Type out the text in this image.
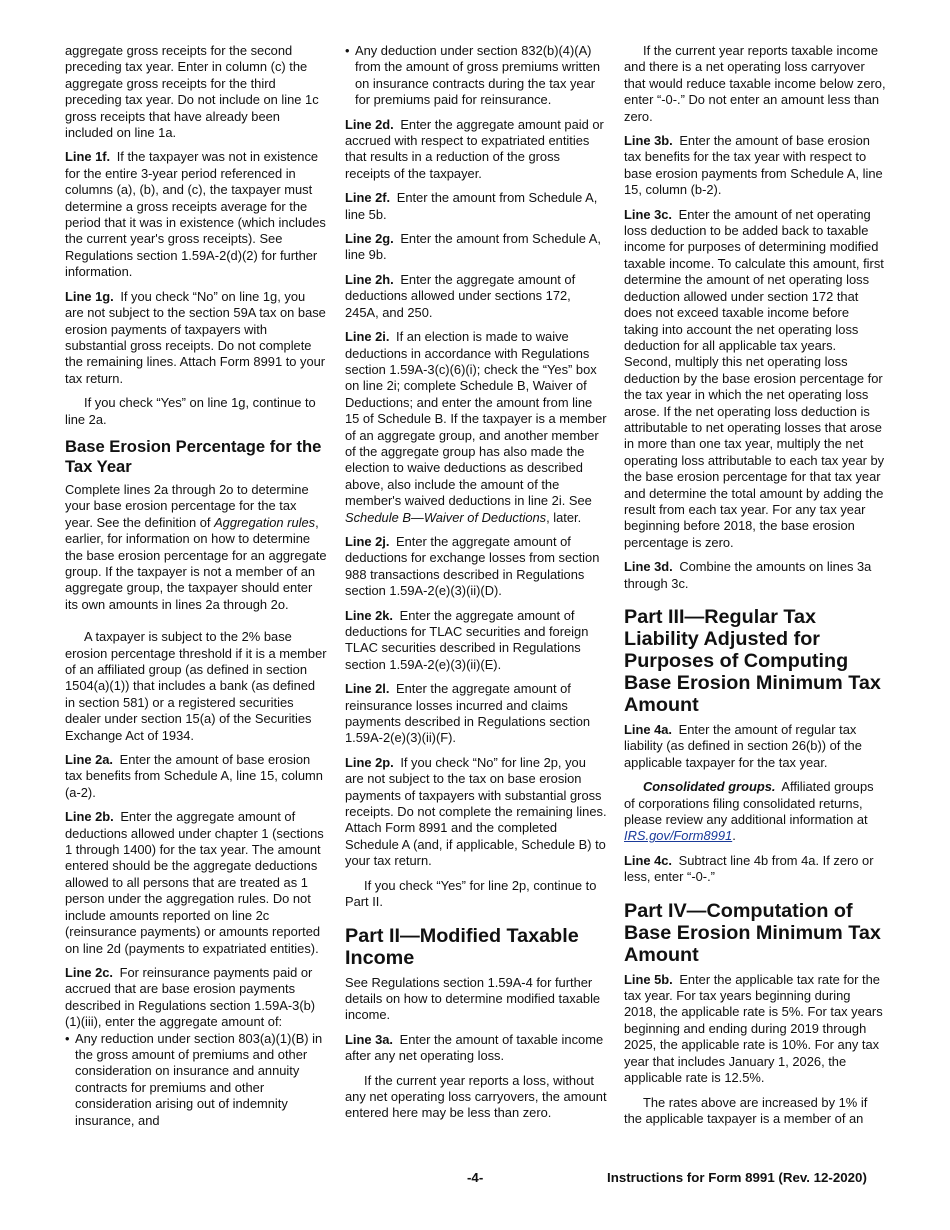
aggregate gross receipts for the second preceding tax year. Enter in column (c) the aggregate gross receipts for the third preceding tax year. Do not include on line 1c gross receipts that have already been included on line 1a.

Line 1f. If the taxpayer was not in existence for the entire 3-year period referenced in columns (a), (b), and (c), the taxpayer must determine a gross receipts average for the period that it was in existence (which includes the current year's gross receipts). See Regulations section 1.59A-2(d)(2) for further information.

Line 1g. If you check “No” on line 1g, you are not subject to the section 59A tax on base erosion payments of taxpayers with substantial gross receipts. Do not complete the remaining lines. Attach Form 8991 to your tax return.

If you check “Yes” on line 1g, continue to line 2a.

Base Erosion Percentage for the Tax Year

Complete lines 2a through 2o to determine your base erosion percentage for the tax year. See the definition of Aggregation rules, earlier, for information on how to determine the base erosion percentage for an aggregate group. If the taxpayer is not a member of an aggregate group, the taxpayer should enter its own amounts in lines 2a through 2o.

A taxpayer is subject to the 2% base erosion percentage threshold if it is a member of an affiliated group (as defined in section 1504(a)(1)) that includes a bank (as defined in section 581) or a registered securities dealer under section 15(a) of the Securities Exchange Act of 1934.

Line 2a. Enter the amount of base erosion tax benefits from Schedule A, line 15, column (a-2).

Line 2b. Enter the aggregate amount of deductions allowed under chapter 1 (sections 1 through 1400) for the tax year. The amount entered should be the aggregate deductions allowed to all persons that are treated as 1 person under the aggregation rules. Do not include amounts reported on line 2c (reinsurance payments) or amounts reported on line 2d (payments to expatriated entities).

Line 2c. For reinsurance payments paid or accrued that are base erosion payments described in Regulations section 1.59A-3(b)(1)(iii), enter the aggregate amount of:

• Any reduction under section 803(a)(1)(B) in the gross amount of premiums and other consideration on insurance and annuity contracts for premiums and other consideration arising out of indemnity insurance, and

• Any deduction under section 832(b)(4)(A) from the amount of gross premiums written on insurance contracts during the tax year for premiums paid for reinsurance.

Line 2d. Enter the aggregate amount paid or accrued with respect to expatriated entities that results in a reduction of the gross receipts of the taxpayer.

Line 2f. Enter the amount from Schedule A, line 5b.

Line 2g. Enter the amount from Schedule A, line 9b.

Line 2h. Enter the aggregate amount of deductions allowed under sections 172, 245A, and 250.

Line 2i. If an election is made to waive deductions in accordance with Regulations section 1.59A-3(c)(6)(i); check the “Yes” box on line 2i; complete Schedule B, Waiver of Deductions; and enter the amount from line 15 of Schedule B. If the taxpayer is a member of an aggregate group, and another member of the aggregate group has also made the election to waive deductions as described above, also include the amount of the member's waived deductions in line 2i. See Schedule B—Waiver of Deductions, later.

Line 2j. Enter the aggregate amount of deductions for exchange losses from section 988 transactions described in Regulations section 1.59A-2(e)(3)(ii)(D).

Line 2k. Enter the aggregate amount of deductions for TLAC securities and foreign TLAC securities described in Regulations section 1.59A-2(e)(3)(ii)(E).

Line 2l. Enter the aggregate amount of reinsurance losses incurred and claims payments described in Regulations section 1.59A-2(e)(3)(ii)(F).

Line 2p. If you check “No” for line 2p, you are not subject to the tax on base erosion payments of taxpayers with substantial gross receipts. Do not complete the remaining lines. Attach Form 8991 and the completed Schedule A (and, if applicable, Schedule B) to your tax return.

If you check “Yes” for line 2p, continue to Part II.

Part II—Modified Taxable Income

See Regulations section 1.59A-4 for further details on how to determine modified taxable income.

Line 3a. Enter the amount of taxable income after any net operating loss.

If the current year reports a loss, without any net operating loss carryovers, the amount entered here may be less than zero.

If the current year reports taxable income and there is a net operating loss carryover that would reduce taxable income below zero, enter “-0-.” Do not enter an amount less than zero.

Line 3b. Enter the amount of base erosion tax benefits for the tax year with respect to base erosion payments from Schedule A, line 15, column (b-2).

Line 3c. Enter the amount of net operating loss deduction to be added back to taxable income for purposes of determining modified taxable income. To calculate this amount, first determine the amount of net operating loss deduction allowed under section 172 that does not exceed taxable income before taking into account the net operating loss deduction for all applicable tax years. Second, multiply this net operating loss deduction by the base erosion percentage for the tax year in which the net operating loss arose. If the net operating loss deduction is attributable to net operating losses that arose in more than one tax year, multiply the net operating loss attributable to each tax year by the base erosion percentage for that tax year and determine the total amount by adding the result from each tax year. For any tax year beginning before 2018, the base erosion percentage is zero.

Line 3d. Combine the amounts on lines 3a through 3c.

Part III—Regular Tax Liability Adjusted for Purposes of Computing Base Erosion Minimum Tax Amount

Line 4a. Enter the amount of regular tax liability (as defined in section 26(b)) of the applicable taxpayer for the tax year.

Consolidated groups. Affiliated groups of corporations filing consolidated returns, please review any additional information at IRS.gov/Form8991.

Line 4c. Subtract line 4b from 4a. If zero or less, enter “-0-.”

Part IV—Computation of Base Erosion Minimum Tax Amount

Line 5b. Enter the applicable tax rate for the tax year. For tax years beginning during 2018, the applicable rate is 5%. For tax years beginning and ending during 2019 through 2025, the applicable rate is 10%. For any tax year that includes January 1, 2026, the applicable rate is 12.5%.

The rates above are increased by 1% if the applicable taxpayer is a member of an

-4-	Instructions for Form 8991 (Rev. 12-2020)
